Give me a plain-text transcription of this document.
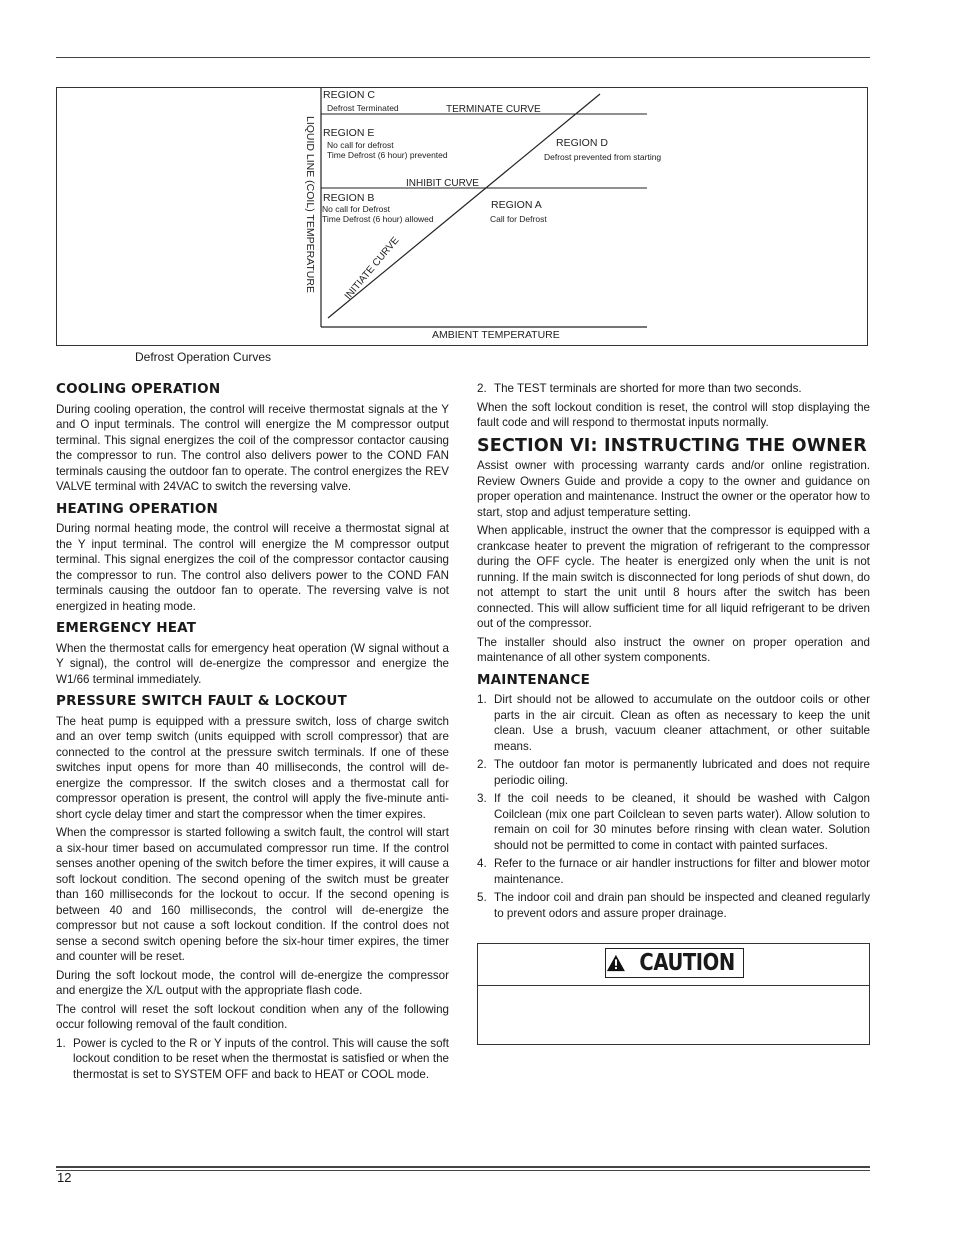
LIQUID LINE (COIL) TEMPERATURE
AMBIENT TEMPERATURE
REGION C
Defrost Terminated	TERMINATE CURVE
REGION E
No call for defrost
Time Defrost (6 hour) prevented
REGION D
Defrost prevented from starting
INHIBIT CURVE
REGION B
No call for Defrost
Time Defrost (6 hour) allowed
REGION A
Call for Defrost
INITIATE CURVE
Defrost Operation Curves
COOLING OPERATION

During cooling operation, the control will receive thermostat signals at the Y and O input terminals. The control will energize the M compressor output terminal. This signal energizes the coil of the compressor contactor causing the compressor to run. The control also delivers power to the COND FAN terminals causing the outdoor fan to operate. The control energizes the REV VALVE terminal with 24VAC to switch the reversing valve.

HEATING OPERATION

During normal heating mode, the control will receive a thermostat signal at the Y input terminal. The control will energize the M compressor output terminal. This signal energizes the coil of the compressor contactor causing the compressor to run. The control also delivers power to the COND FAN terminals causing the outdoor fan to operate. The reversing valve is not energized in heating mode.

EMERGENCY HEAT

When the thermostat calls for emergency heat operation (W signal without a Y signal), the control will de-energize the compressor and energize the W1/66 terminal immediately.

PRESSURE SWITCH FAULT & LOCKOUT

The heat pump is equipped with a pressure switch, loss of charge switch and an over temp switch (units equipped with scroll compressor) that are connected to the control at the pressure switch terminals. If one of these switches input opens for more than 40 milliseconds, the control will de-energize the compressor. If the switch closes and a thermostat call for compressor operation is present, the control will apply the five-minute anti-short cycle delay timer and start the compressor when the timer expires.

When the compressor is started following a switch fault, the control will start a six-hour timer based on accumulated compressor run time. If the control senses another opening of the switch before the timer expires, it will cause a soft lockout condition. The second opening of the switch must be greater than 160 milliseconds for the lockout to occur. If the second opening is between 40 and 160 milliseconds, the control will de-energize the compressor but not cause a soft lockout condition. If the control does not sense a second switch opening before the six-hour timer expires, the timer and counter will be reset.

During the soft lockout mode, the control will de-energize the compressor and energize the X/L output with the appropriate flash code.

The control will reset the soft lockout condition when any of the following occur following removal of the fault condition.

1. Power is cycled to the R or Y inputs of the control. This will cause the soft lockout condition to be reset when the thermostat is satisfied or when the thermostat is set to SYSTEM OFF and back to HEAT or COOL mode.
2. The TEST terminals are shorted for more than two seconds.

When the soft lockout condition is reset, the control will stop displaying the fault code and will respond to thermostat inputs normally.

SECTION VI: INSTRUCTING THE OWNER

Assist owner with processing warranty cards and/or online registration. Review Owners Guide and provide a copy to the owner and guidance on proper operation and maintenance. Instruct the owner or the operator how to start, stop and adjust temperature setting.

When applicable, instruct the owner that the compressor is equipped with a crankcase heater to prevent the migration of refrigerant to the compressor during the OFF cycle. The heater is energized only when the unit is not running. If the main switch is disconnected for long periods of shut down, do not attempt to start the unit until 8 hours after the switch has been connected. This will allow sufficient time for all liquid refrigerant to be driven out of the compressor.

The installer should also instruct the owner on proper operation and maintenance of all other system components.

MAINTENANCE
1. Dirt should not be allowed to accumulate on the outdoor coils or other parts in the air circuit. Clean as often as necessary to keep the unit clean. Use a brush, vacuum cleaner attachment, or other suitable means.
2. The outdoor fan motor is permanently lubricated and does not require periodic oiling.
3. If the coil needs to be cleaned, it should be washed with Calgon Coilclean (mix one part Coilclean to seven parts water). Allow solution to remain on coil for 30 minutes before rinsing with clean water. Solution should not be permitted to come in contact with painted surfaces.
4. Refer to the furnace or air handler instructions for filter and blower motor maintenance.
5. The indoor coil and drain pan should be inspected and cleaned regularly to prevent odors and assure proper drainage.
CAUTION
12
